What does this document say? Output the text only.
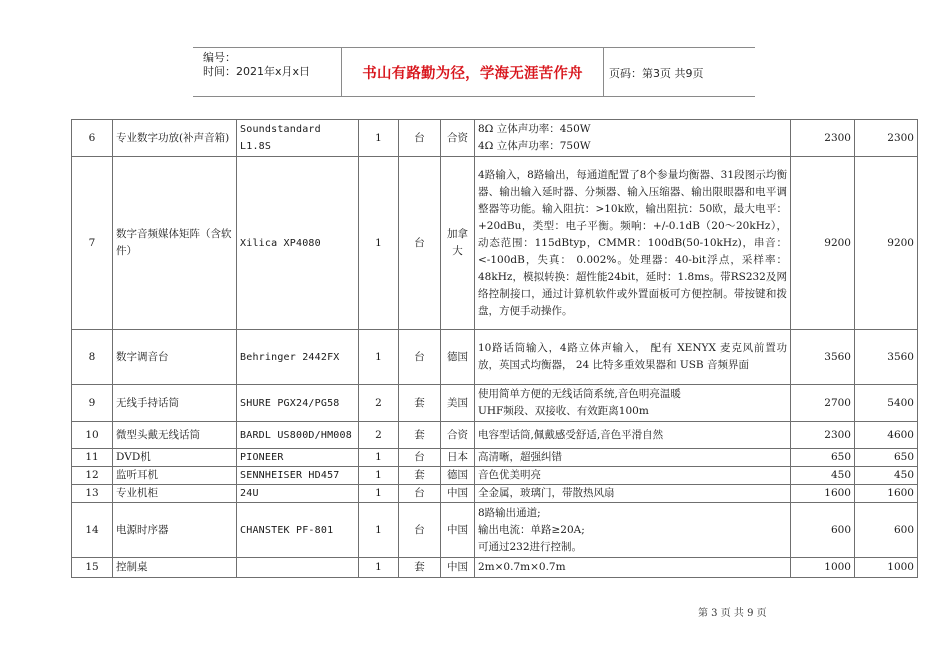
编号：
时间：2021年x月x日	书山有路勤为径，学海无涯苦作舟	页码：第3页 共9页
6	专业数字功放(补声音箱)	Soundstandard L1.8S	1	台	合资	8Ω 立体声功率：450W
4Ω 立体声功率：750W	2300	2300
7	数字音频媒体矩阵（含软件）	Xilica XP4080	1	台	加拿大	4路输入，8路输出，每通道配置了8个参量均衡器、31段图示均衡器、输出输入延时器、分频器、输入压缩器、输出限眼器和电平调整器等功能。输入阻抗：>10k欧，输出阻抗：50欧，最大电平：+20dBu，类型：电子平衡。频响：+/-0.1dB（20～20kHz），动态范围：115dBtyp，CMMR：100dB(50-10kHz)，串音：<-100dB，失真： 0.002%。处理器：40-bit浮点，采样率：48kHz，模拟转换：超性能24bit，延时：1.8ms。带RS232及网络控制接口，通过计算机软件或外置面板可方便控制。带按键和拨盘，方便手动操作。	9200	9200
8	数字调音台	Behringer 2442FX	1	台	德国	10路话筒输入，4路立体声输入， 配有 XENYX 麦克风前置功放，英国式均衡器， 24 比特多重效果器和 USB 音频界面	3560	3560
9	无线手持话筒	SHURE PGX24/PG58	2	套	美国	使用简单方便的无线话筒系统,音色明亮温暖
UHF频段、双接收、有效距离100m	2700	5400
10	微型头戴无线话筒	BARDL US800D/HM008	2	套	合资	电容型话筒,佩戴感受舒适,音色平滑自然	2300	4600
11	DVD机	PIONEER	1	台	日本	高清晰，超强纠错	650	650
12	监听耳机	SENNHEISER HD457	1	套	德国	音色优美明亮	450	450
13	专业机柜	24U	1	台	中国	全金属，玻璃门，带散热风扇	1600	1600
14	电源时序器	CHANSTEK PF-801	1	台	中国	8路输出通道;
输出电流：单路≥20A;
可通过232进行控制。	600	600
15	控制桌		1	套	中国	2m×0.7m×0.7m	1000	1000
第 3 页 共 9 页
